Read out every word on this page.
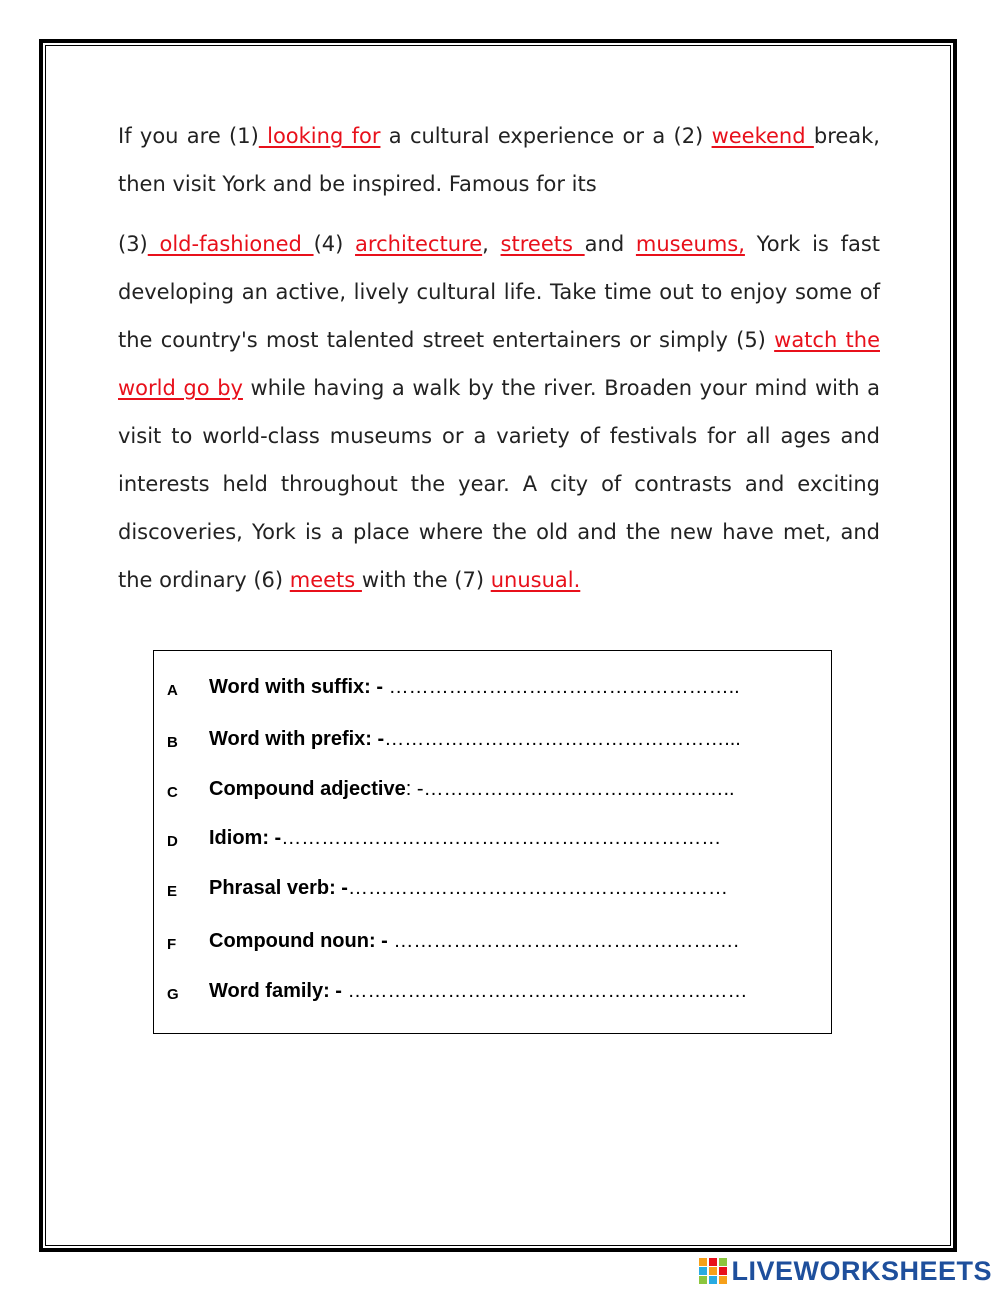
If you are (1) looking for a cultural experience or a (2) weekend break, then visit York and be inspired. Famous for its

(3) old-fashioned (4) architecture, streets and museums, York is fast developing an active, lively cultural life. Take time out to enjoy some of the country's most talented street entertainers or simply (5) watch the world go by while having a walk by the river. Broaden your mind with a visit to world-class museums or a variety of festivals for all ages and interests held throughout the year. A city of contrasts and exciting discoveries, York is a place where the old and the new have met, and the ordinary (6) meets with the (7) unusual.

A Word with suffix: - ……………………………………………..
B Word with prefix: -……………………………………………...
C Compound adjective: -………………………………………..
D Idiom: -…………………………………………………………
E Phrasal verb: -…………………………………………………
F Compound noun: - …………………………………………….
G Word family: - ……………………………………………………
LIVEWORKSHEETS
